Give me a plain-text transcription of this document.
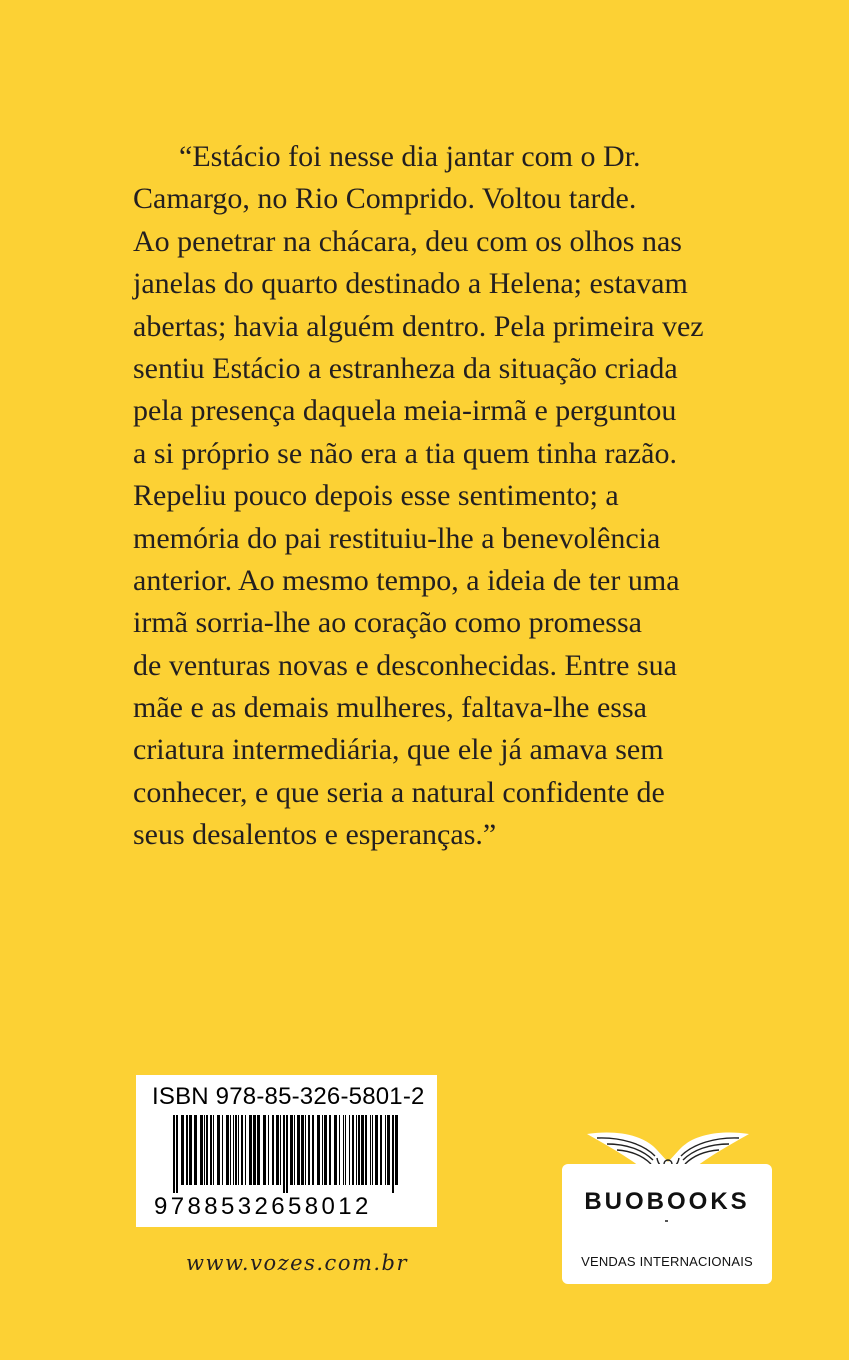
“Estácio foi nesse dia jantar com o Dr.
Camargo, no Rio Comprido. Voltou tarde.
Ao penetrar na chácara, deu com os olhos nas
janelas do quarto destinado a Helena; estavam
abertas; havia alguém dentro. Pela primeira vez
sentiu Estácio a estranheza da situação criada
pela presença daquela meia-irmã e perguntou
a si próprio se não era a tia quem tinha razão.
Repeliu pouco depois esse sentimento; a
memória do pai restituiu-lhe a benevolência
anterior. Ao mesmo tempo, a ideia de ter uma
irmã sorria-lhe ao coração como promessa
de venturas novas e desconhecidas. Entre sua
mãe e as demais mulheres, faltava-lhe essa
criatura intermediária, que ele já amava sem
conhecer, e que seria a natural confidente de
seus desalentos e esperanças.”
ISBN 978-85-326-5801-2
9788532658012
www.vozes.com.br
BUOBOOKS
VENDAS INTERNACIONAIS
